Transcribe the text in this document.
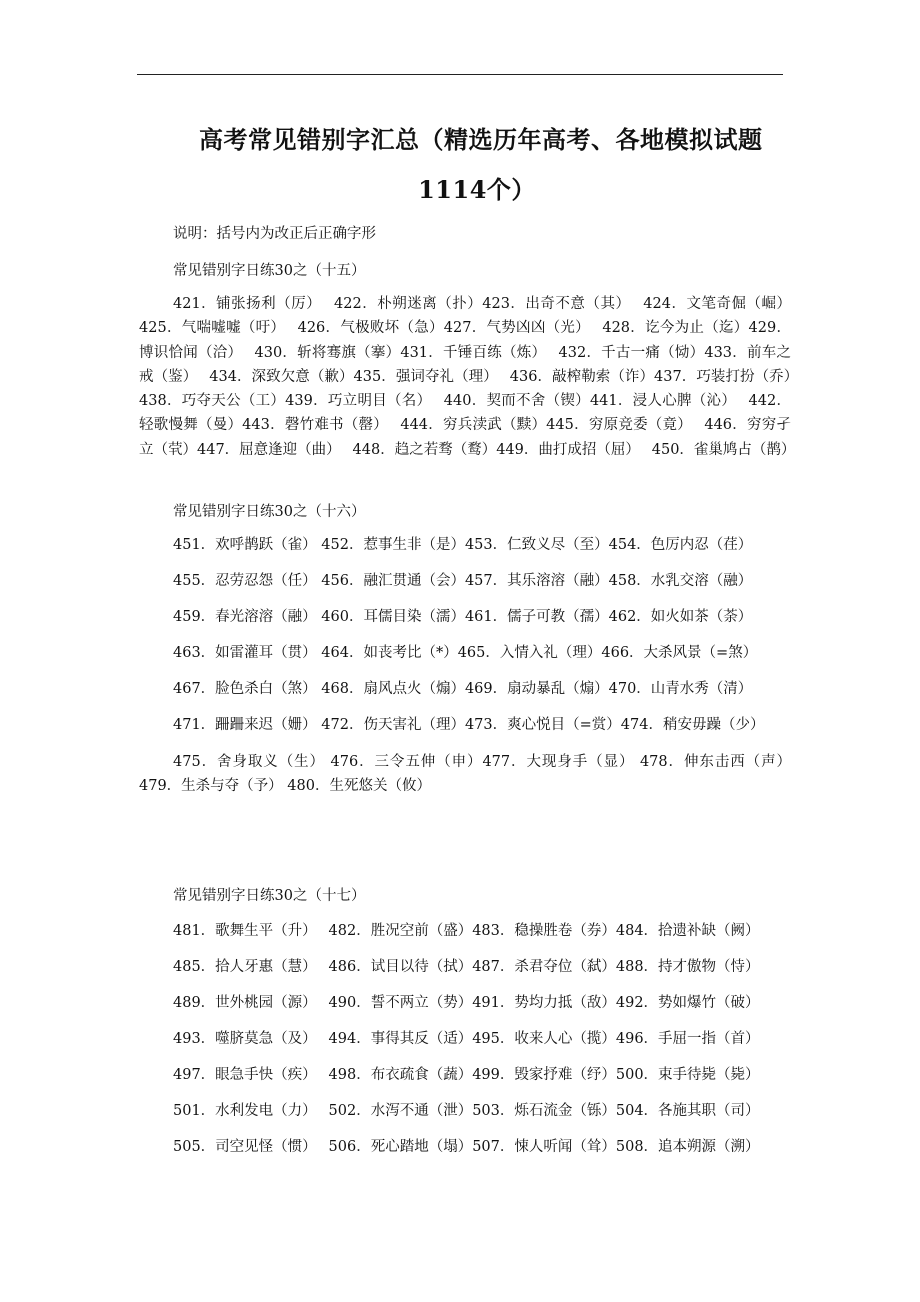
高考常见错别字汇总（精选历年高考、各地模拟试题
1114个）
说明：括号内为改正后正确字形
常见错别字日练30之（十五）
421．铺张扬利（厉）　 422．朴朔迷离（扑）423．出奇不意（其）　 424．文笔奇倔（崛）425．气喘嘘嘘（吁）　 426．气极败坏（急）427．气势凶凶（光）　 428．讫今为止（迄）429．博识恰闻（洽）　 430．斩将骞旗（搴）431．千锤百练（炼）　 432．千古一痛（恸）433．前车之戒（鉴）　 434．深致欠意（歉）435．强词夺礼（理）　 436．敲榨勒索（诈）437．巧装打扮（乔）　 438．巧夺天公（工）439．巧立明目（名）　 440．契而不舍（锲）441．浸人心脾（沁）　 442．轻歌慢舞（曼）443．磬竹难书（罄）　 444．穷兵渎武（黩）445．穷原竞委（竟）　 446．穷穷孑立（茕）447．屈意逢迎（曲）　 448．趋之若骛（鹜）449．曲打成招（屈）　 450．雀巢鸠占（鹊）
常见错别字日练30之（十六）
451．欢呼鹊跃（雀） 452．惹事生非（是）453．仁致义尽（至）454．色厉内忍（荏）
455．忍劳忍怨（任） 456．融汇贯通（会）457．其乐溶溶（融）458．水乳交溶（融）
459．春光溶溶（融） 460．耳儒目染（濡）461．儒子可教（孺）462．如火如茶（荼）
463．如雷灌耳（贯） 464．如丧考比（*）465．入情入礼（理）466．大杀风景（=煞）
467．脸色杀白（煞） 468．扇风点火（煽）469．扇动暴乱（煽）470．山青水秀（清）
471．跚跚来迟（姗） 472．伤天害礼（理）473．爽心悦目（=赏）474．稍安毋躁（少）
475．舍身取义（生） 476．三令五伸（申）477．大现身手（显） 478．伸东击西（声）479．生杀与夺（予） 480．生死悠关（攸）
常见错别字日练30之（十七）
481．歌舞生平（升）　 482．胜况空前（盛）483．稳操胜卷（券）484．拾遗补缺（阙）
485．拾人牙惠（慧）　 486．试目以待（拭）487．杀君夺位（弑）488．持才傲物（恃）
489．世外桃园（源）　 490．誓不两立（势）491．势均力抵（敌）492．势如爆竹（破）
493．噬脐莫急（及）　 494．事得其反（适）495．收来人心（揽）496．手屈一指（首）
497．眼急手快（疾）　 498．布衣疏食（蔬）499．毁家抒难（纾）500．束手待毙（毙）
501．水利发电（力）　 502．水泻不通（泄）503．烁石流金（铄）504．各施其职（司）
505．司空见怪（惯）　 506．死心踏地（塌）507．悚人听闻（耸）508．追本朔源（溯）
